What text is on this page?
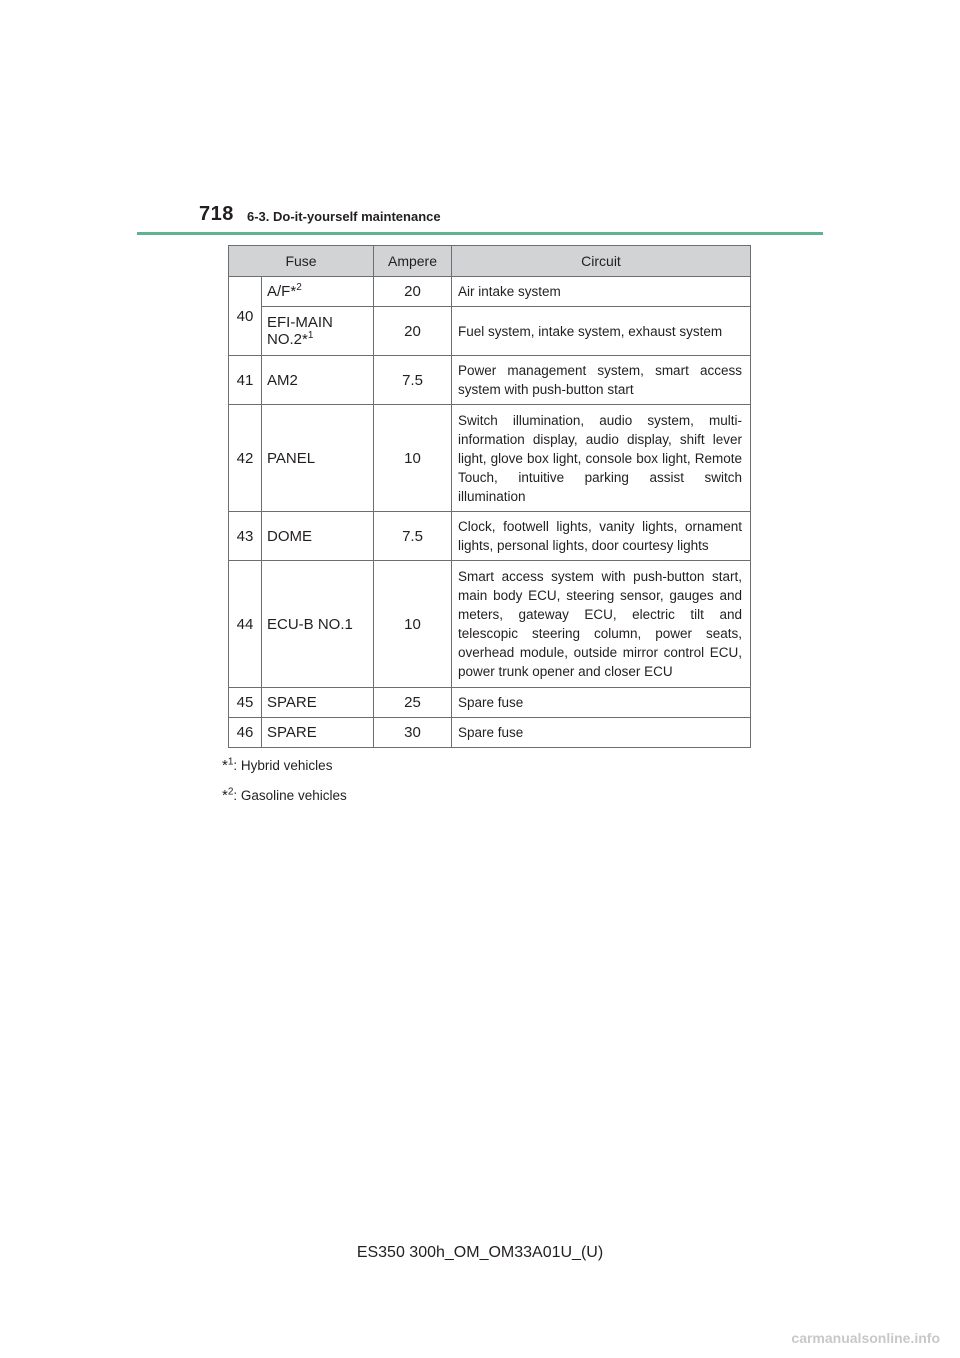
718 6-3. Do-it-yourself maintenance
Fuse		Ampere	Circuit
40	A/F*$^2$	20	Air intake system
	EFI-MAIN NO.2*$^1$	20	Fuel system, intake system, exhaust system
41	AM2	7.5	Power management system, smart access system with push-button start
42	PANEL	10	Switch illumination, audio system, multi-information display, audio display, shift lever light, glove box light, console box light, Remote Touch, intuitive parking assist switch illumination
43	DOME	7.5	Clock, footwell lights, vanity lights, ornament lights, personal lights, door courtesy lights
44	ECU-B NO.1	10	Smart access system with push-button start, main body ECU, steering sensor, gauges and meters, gateway ECU, electric tilt and telescopic steering column, power seats, overhead module, outside mirror control ECU, power trunk opener and closer ECU
45	SPARE	25	Spare fuse
46	SPARE	30	Spare fuse
*$^1$: Hybrid vehicles
*$^2$: Gasoline vehicles
ES350 300h_OM_OM33A01U_(U)
carmanualsonline.info
